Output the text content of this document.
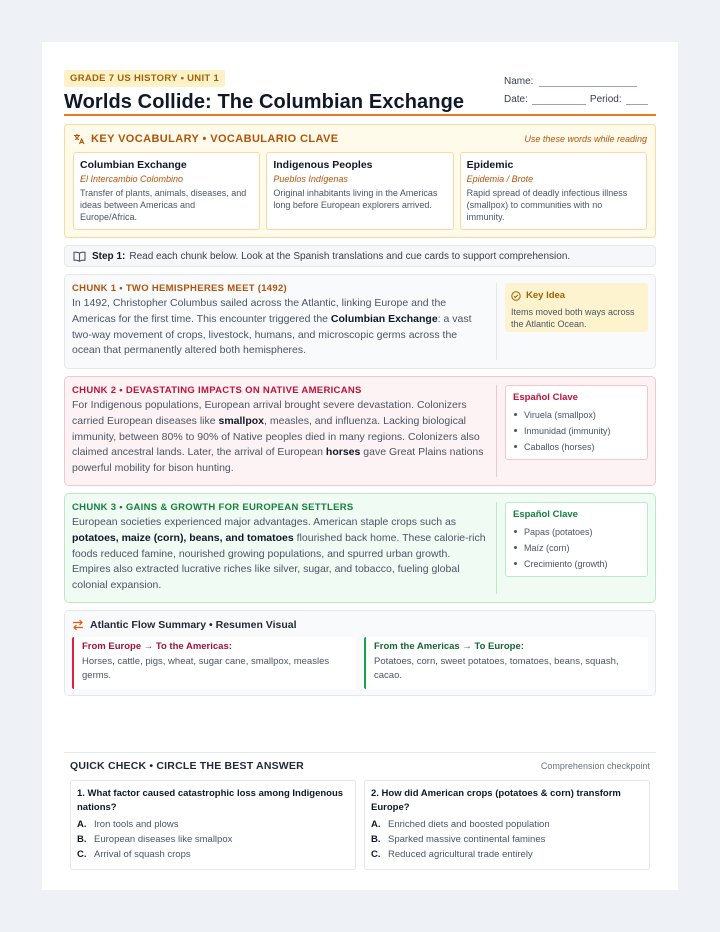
GRADE 7 US HISTORY • UNIT 1
Worlds Collide: The Columbian Exchange
Name:
Date:	Period:
KEY VOCABULARY • VOCABULARIO CLAVE	Use these words while reading
Columbian Exchange
El Intercambio Colombino
Transfer of plants, animals, diseases, and ideas between Americas and Europe/Africa.
Indigenous Peoples
Pueblos Indígenas
Original inhabitants living in the Americas long before European explorers arrived.
Epidemic
Epidemia / Brote
Rapid spread of deadly infectious illness (smallpox) to communities with no immunity.
Step 1: Read each chunk below. Look at the Spanish translations and cue cards to support comprehension.
CHUNK 1 • TWO HEMISPHERES MEET (1492)
In 1492, Christopher Columbus sailed across the Atlantic, linking Europe and the Americas for the first time. This encounter triggered the Columbian Exchange: a vast two-way movement of crops, livestock, humans, and microscopic germs across the ocean that permanently altered both hemispheres.
Key Idea
Items moved both ways across the Atlantic Ocean.
CHUNK 2 • DEVASTATING IMPACTS ON NATIVE AMERICANS
For Indigenous populations, European arrival brought severe devastation. Colonizers carried European diseases like smallpox, measles, and influenza. Lacking biological immunity, between 80% to 90% of Native peoples died in many regions. Colonizers also claimed ancestral lands. Later, the arrival of European horses gave Great Plains nations powerful mobility for bison hunting.
Español Clave
Viruela (smallpox)
Inmunidad (immunity)
Caballos (horses)
CHUNK 3 • GAINS & GROWTH FOR EUROPEAN SETTLERS
European societies experienced major advantages. American staple crops such as potatoes, maize (corn), beans, and tomatoes flourished back home. These calorie-rich foods reduced famine, nourished growing populations, and spurred urban growth. Empires also extracted lucrative riches like silver, sugar, and tobacco, fueling global colonial expansion.
Español Clave
Papas (potatoes)
Maíz (corn)
Crecimiento (growth)
Atlantic Flow Summary • Resumen Visual
From Europe → To the Americas:
Horses, cattle, pigs, wheat, sugar cane, smallpox, measles germs.
From the Americas → To Europe:
Potatoes, corn, sweet potatoes, tomatoes, beans, squash, cacao.
QUICK CHECK • CIRCLE THE BEST ANSWER	Comprehension checkpoint
1. What factor caused catastrophic loss among Indigenous nations?
A. Iron tools and plows
B. European diseases like smallpox
C. Arrival of squash crops
2. How did American crops (potatoes & corn) transform Europe?
A. Enriched diets and boosted population
B. Sparked massive continental famines
C. Reduced agricultural trade entirely
